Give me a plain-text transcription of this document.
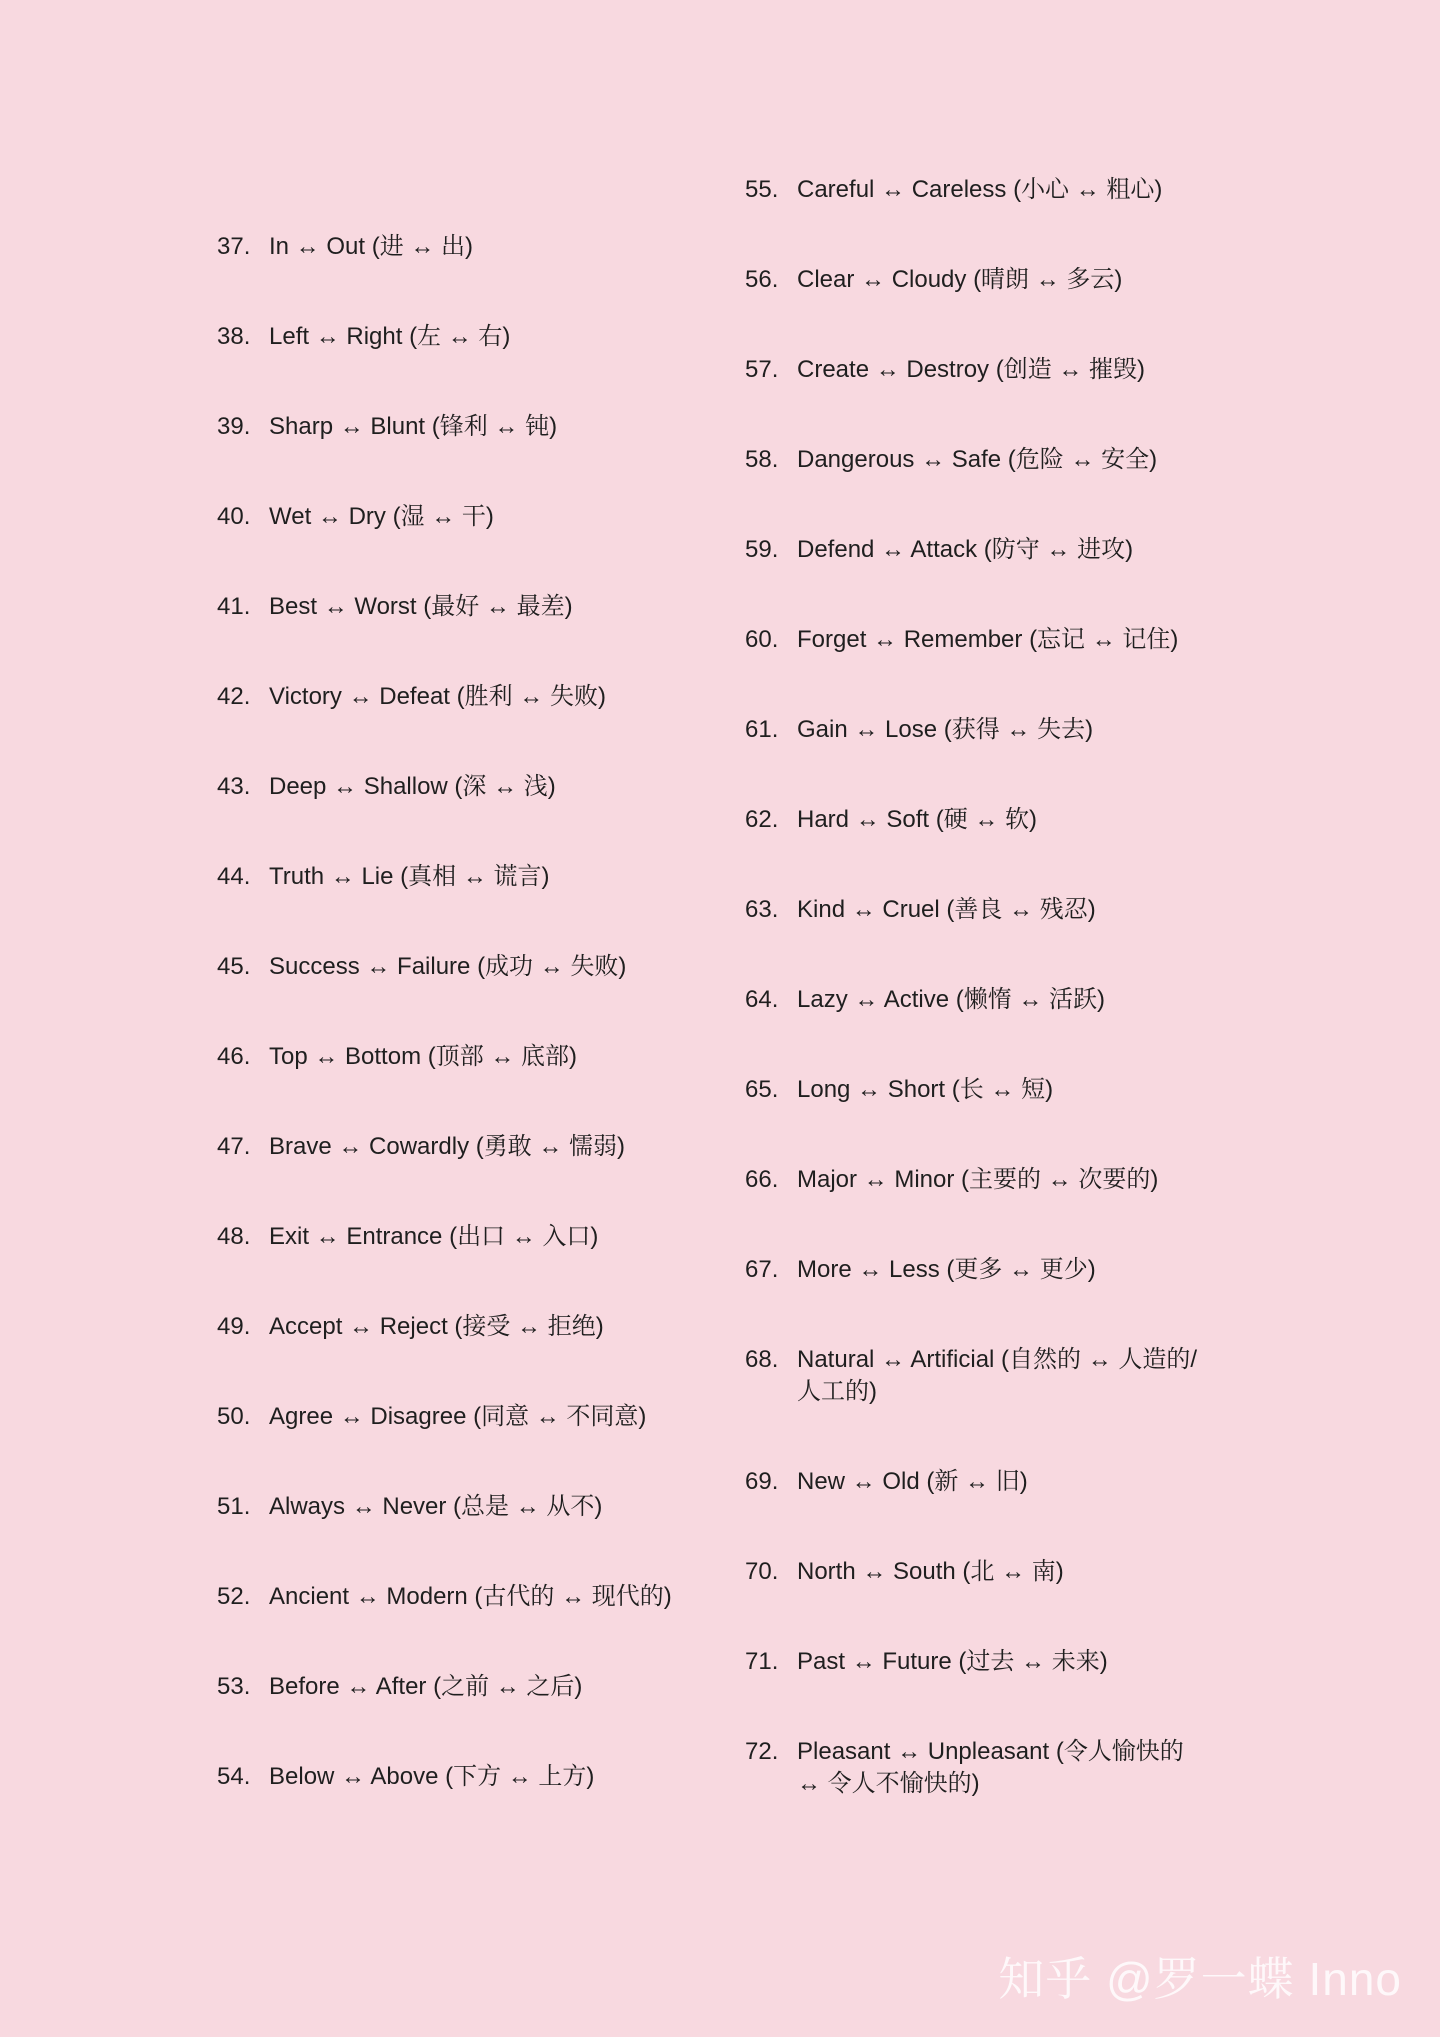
37. In ↔ Out (进 ↔ 出)
38. Left ↔ Right (左 ↔ 右)
39. Sharp ↔ Blunt (锋利 ↔ 钝)
40. Wet ↔ Dry (湿 ↔ 干)
41. Best ↔ Worst (最好 ↔ 最差)
42. Victory ↔ Defeat (胜利 ↔ 失败)
43. Deep ↔ Shallow (深 ↔ 浅)
44. Truth ↔ Lie (真相 ↔ 谎言)
45. Success ↔ Failure (成功 ↔ 失败)
46. Top ↔ Bottom (顶部 ↔ 底部)
47. Brave ↔ Cowardly (勇敢 ↔ 懦弱)
48. Exit ↔ Entrance (出口 ↔ 入口)
49. Accept ↔ Reject (接受 ↔ 拒绝)
50. Agree ↔ Disagree (同意 ↔ 不同意)
51. Always ↔ Never (总是 ↔ 从不)
52. Ancient ↔ Modern (古代的 ↔ 现代的)
53. Before ↔ After (之前 ↔ 之后)
54. Below ↔ Above (下方 ↔ 上方)
55. Careful ↔ Careless (小心 ↔ 粗心)
56. Clear ↔ Cloudy (晴朗 ↔ 多云)
57. Create ↔ Destroy (创造 ↔ 摧毁)
58. Dangerous ↔ Safe (危险 ↔ 安全)
59. Defend ↔ Attack (防守 ↔ 进攻)
60. Forget ↔ Remember (忘记 ↔ 记住)
61. Gain ↔ Lose (获得 ↔ 失去)
62. Hard ↔ Soft (硬 ↔ 软)
63. Kind ↔ Cruel (善良 ↔ 残忍)
64. Lazy ↔ Active (懒惰 ↔ 活跃)
65. Long ↔ Short (长 ↔ 短)
66. Major ↔ Minor (主要的 ↔ 次要的)
67. More ↔ Less (更多 ↔ 更少)
68. Natural ↔ Artificial (自然的 ↔ 人造的/人工的)
69. New ↔ Old (新 ↔ 旧)
70. North ↔ South (北 ↔ 南)
71. Past ↔ Future (过去 ↔ 未来)
72. Pleasant ↔ Unpleasant (令人愉快的 ↔ 令人不愉快的)
知乎 @罗一蝶 Inno
